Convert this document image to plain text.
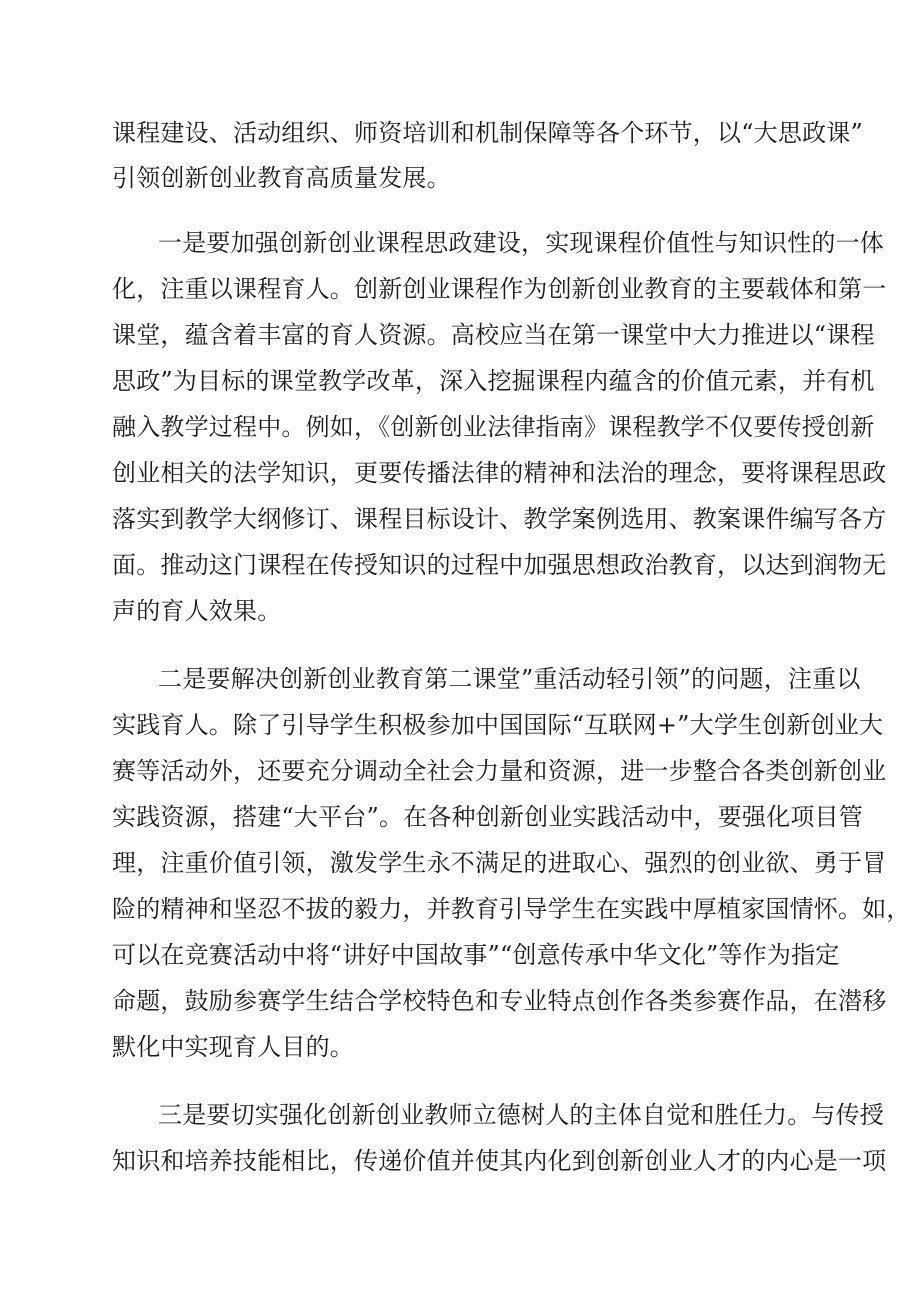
课程建设、活动组织、师资培训和机制保障等各个环节，以“大思政课”
引领创新创业教育高质量发展。
一是要加强创新创业课程思政建设，实现课程价值性与知识性的一体
化，注重以课程育人。创新创业课程作为创新创业教育的主要载体和第一
课堂，蕴含着丰富的育人资源。高校应当在第一课堂中大力推进以“课程
思政”为目标的课堂教学改革，深入挖掘课程内蕴含的价值元素，并有机
融入教学过程中。例如，《创新创业法律指南》课程教学不仅要传授创新
创业相关的法学知识，更要传播法律的精神和法治的理念，要将课程思政
落实到教学大纲修订、课程目标设计、教学案例选用、教案课件编写各方
面。推动这门课程在传授知识的过程中加强思想政治教育，以达到润物无
声的育人效果。
二是要解决创新创业教育第二课堂”重活动轻引领”的问题，注重以
实践育人。除了引导学生积极参加中国国际“互联网+”大学生创新创业大
赛等活动外，还要充分调动全社会力量和资源，进一步整合各类创新创业
实践资源，搭建“大平台”。在各种创新创业实践活动中，要强化项目管
理，注重价值引领，激发学生永不满足的进取心、强烈的创业欲、勇于冒
险的精神和坚忍不拔的毅力，并教育引导学生在实践中厚植家国情怀。如，
可以在竞赛活动中将“讲好中国故事”“创意传承中华文化”等作为指定
命题，鼓励参赛学生结合学校特色和专业特点创作各类参赛作品，在潜移
默化中实现育人目的。
三是要切实强化创新创业教师立德树人的主体自觉和胜任力。与传授
知识和培养技能相比，传递价值并使其内化到创新创业人才的内心是一项
